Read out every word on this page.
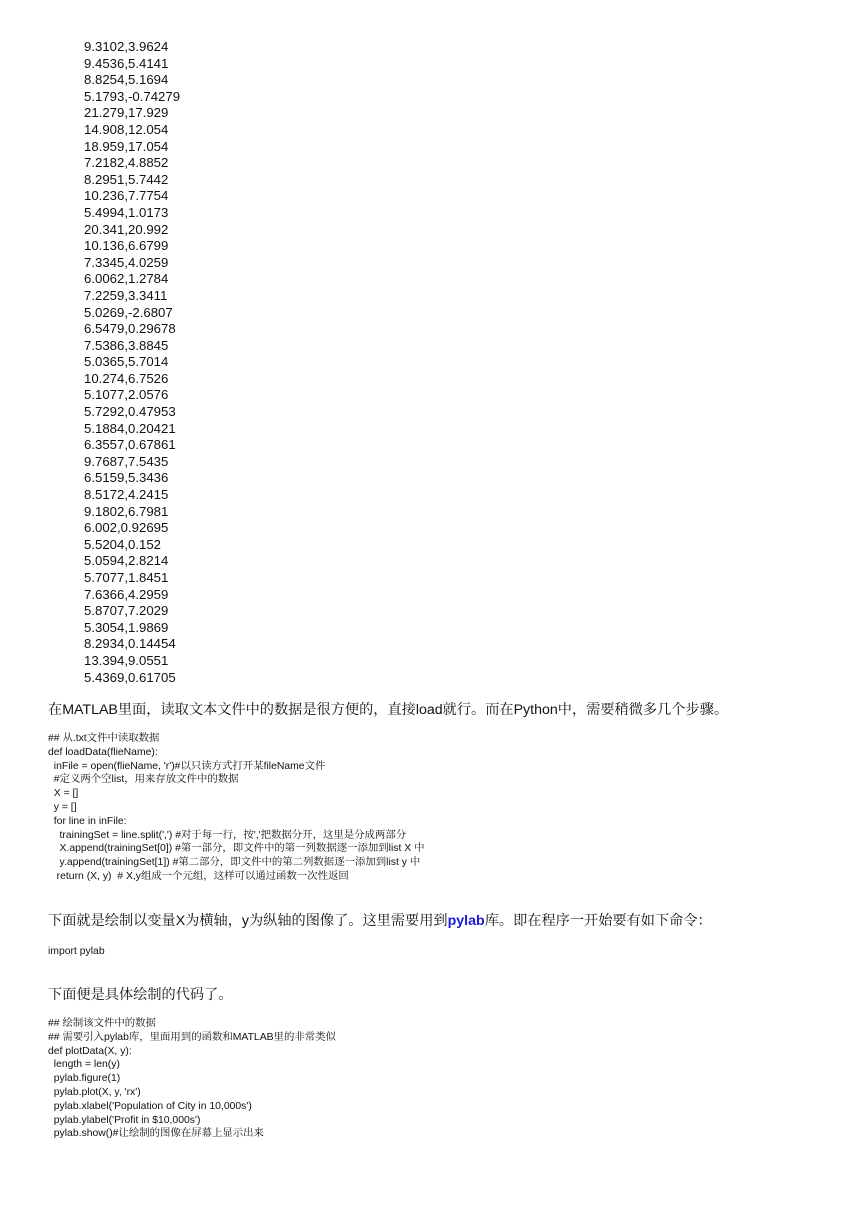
9.3102,3.9624
9.4536,5.4141
8.8254,5.1694
5.1793,-0.74279
21.279,17.929
14.908,12.054
18.959,17.054
7.2182,4.8852
8.2951,5.7442
10.236,7.7754
5.4994,1.0173
20.341,20.992
10.136,6.6799
7.3345,4.0259
6.0062,1.2784
7.2259,3.3411
5.0269,-2.6807
6.5479,0.29678
7.5386,3.8845
5.0365,5.7014
10.274,6.7526
5.1077,2.0576
5.7292,0.47953
5.1884,0.20421
6.3557,0.67861
9.7687,7.5435
6.5159,5.3436
8.5172,4.2415
9.1802,6.7981
6.002,0.92695
5.5204,0.152
5.0594,2.8214
5.7077,1.8451
7.6366,4.2959
5.8707,7.2029
5.3054,1.9869
8.2934,0.14454
13.394,9.0551
5.4369,0.61705

在MATLAB里面，读取文本文件中的数据是很方便的，直接load就行。而在Python中，需要稍微多几个步骤。

## 从.txt文件中读取数据
def loadData(flieName):
inFile = open(flieName, 'r')#以只读方式打开某fileName文件
#定义两个空list，用来存放文件中的数据
X = []
y = []
for line in inFile:
trainingSet = line.split(',') #对于每一行，按','把数据分开，这里是分成两部分
X.append(trainingSet[0]) #第一部分，即文件中的第一列数据逐一添加到list X 中
y.append(trainingSet[1]) #第二部分，即文件中的第二列数据逐一添加到list y 中
return (X, y)  # X,y组成一个元组，这样可以通过函数一次性返回

下面就是绘制以变量X为横轴，y为纵轴的图像了。这里需要用到pylab库。即在程序一开始要有如下命令：

import pylab

下面便是具体绘制的代码了。

## 绘制该文件中的数据
## 需要引入pylab库，里面用到的函数和MATLAB里的非常类似
def plotData(X, y):
length = len(y)
pylab.figure(1)
pylab.plot(X, y, 'rx')
pylab.xlabel('Population of City in 10,000s')
pylab.ylabel('Profit in $10,000s')
pylab.show()#让绘制的图像在屏幕上显示出来
